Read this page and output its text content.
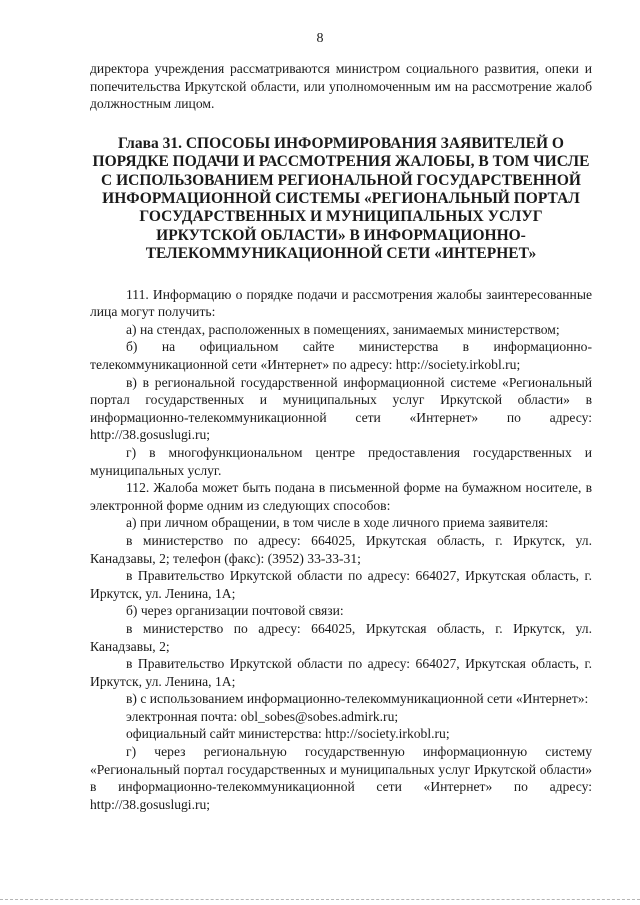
8

директора учреждения рассматриваются министром социального развития, опеки и попечительства Иркутской области, или уполномоченным им на рассмотрение жалоб должностным лицом.

Глава 31. СПОСОБЫ ИНФОРМИРОВАНИЯ ЗАЯВИТЕЛЕЙ О ПОРЯДКЕ ПОДАЧИ И РАССМОТРЕНИЯ ЖАЛОБЫ, В ТОМ ЧИСЛЕ С ИСПОЛЬЗОВАНИЕМ РЕГИОНАЛЬНОЙ ГОСУДАРСТВЕННОЙ ИНФОРМАЦИОННОЙ СИСТЕМЫ «РЕГИОНАЛЬНЫЙ ПОРТАЛ ГОСУДАРСТВЕННЫХ И МУНИЦИПАЛЬНЫХ УСЛУГ ИРКУТСКОЙ ОБЛАСТИ» В ИНФОРМАЦИОННО-ТЕЛЕКОММУНИКАЦИОННОЙ СЕТИ «ИНТЕРНЕТ»

111. Информацию о порядке подачи и рассмотрения жалобы заинтересованные лица могут получить:

а) на стендах, расположенных в помещениях, занимаемых министерством;

б) на официальном сайте министерства в информационно-телекоммуникационной сети «Интернет» по адресу: http://society.irkobl.ru;

в) в региональной государственной информационной системе «Региональный портал государственных и муниципальных услуг Иркутской области» в информационно-телекоммуникационной сети «Интернет» по адресу: http://38.gosuslugi.ru;

г) в многофункциональном центре предоставления государственных и муниципальных услуг.

112. Жалоба может быть подана в письменной форме на бумажном носителе, в электронной форме одним из следующих способов:

а) при личном обращении, в том числе в ходе личного приема заявителя:

в министерство по адресу: 664025, Иркутская область, г. Иркутск, ул. Канадзавы, 2; телефон (факс): (3952) 33-33-31;

в Правительство Иркутской области по адресу: 664027, Иркутская область, г. Иркутск, ул. Ленина, 1А;

б) через организации почтовой связи:

в министерство по адресу: 664025, Иркутская область, г. Иркутск, ул. Канадзавы, 2;

в Правительство Иркутской области по адресу: 664027, Иркутская область, г. Иркутск, ул. Ленина, 1А;

в) с использованием информационно-телекоммуникационной сети «Интернет»:

электронная почта: obl_sobes@sobes.admirk.ru;

официальный сайт министерства: http://society.irkobl.ru;

г) через региональную государственную информационную систему «Региональный портал государственных и муниципальных услуг Иркутской области» в информационно-телекоммуникационной сети «Интернет» по адресу: http://38.gosuslugi.ru;
